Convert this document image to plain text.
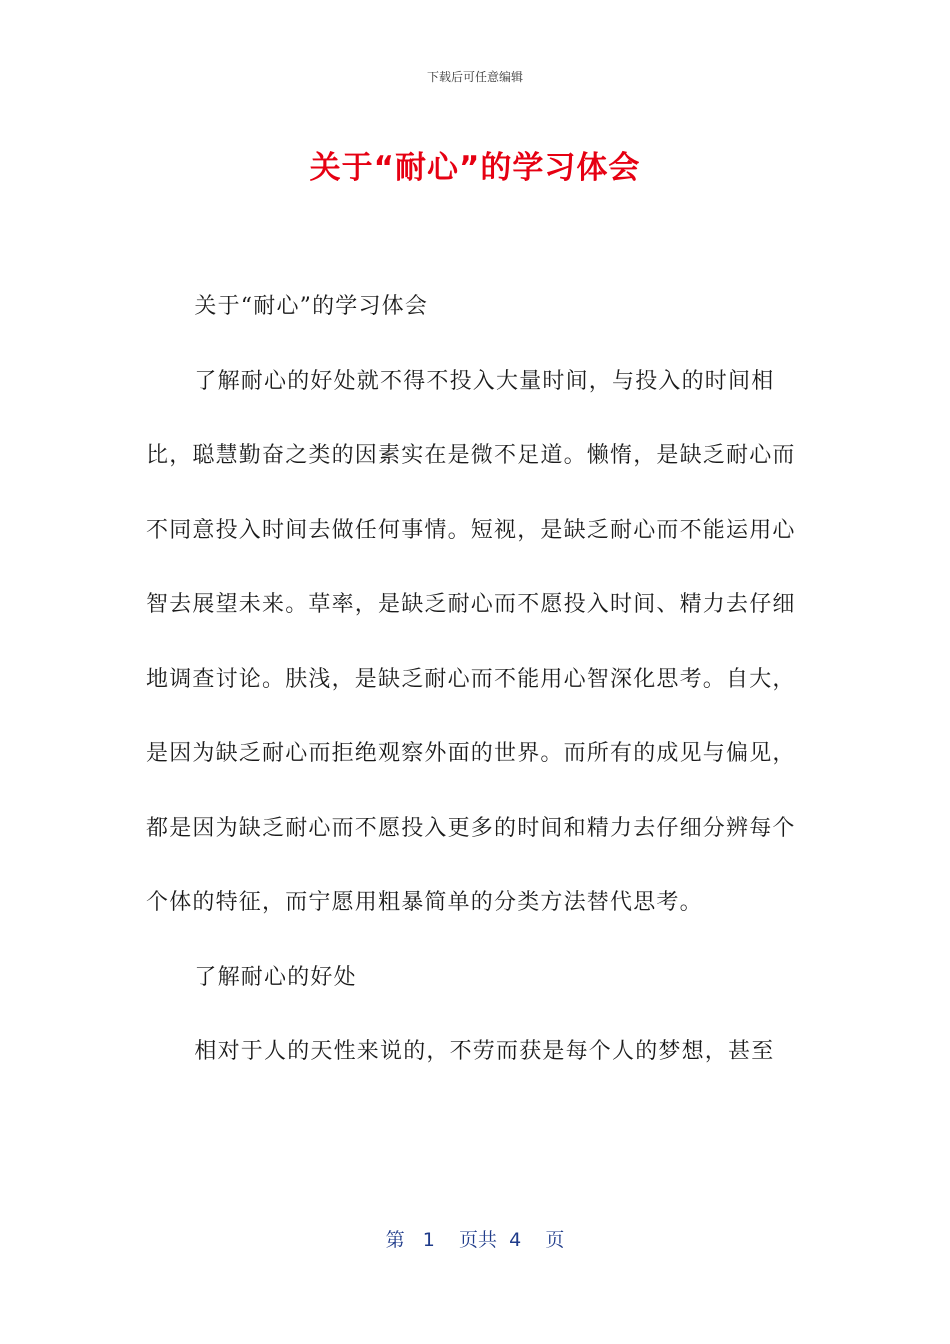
下载后可任意编辑
关于“耐心”的学习体会

关于“耐心”的学习体会

了解耐心的好处就不得不投入大量时间，与投入的时间相比，聪慧勤奋之类的因素实在是微不足道。懒惰，是缺乏耐心而不同意投入时间去做任何事情。短视，是缺乏耐心而不能运用心智去展望未来。草率，是缺乏耐心而不愿投入时间、精力去仔细地调查讨论。肤浅，是缺乏耐心而不能用心智深化思考。自大，是因为缺乏耐心而拒绝观察外面的世界。而所有的成见与偏见，都是因为缺乏耐心而不愿投入更多的时间和精力去仔细分辨每个个体的特征，而宁愿用粗暴简单的分类方法替代思考。

了解耐心的好处

相对于人的天性来说的，不劳而获是每个人的梦想，甚至

第 1 页共 4 页
